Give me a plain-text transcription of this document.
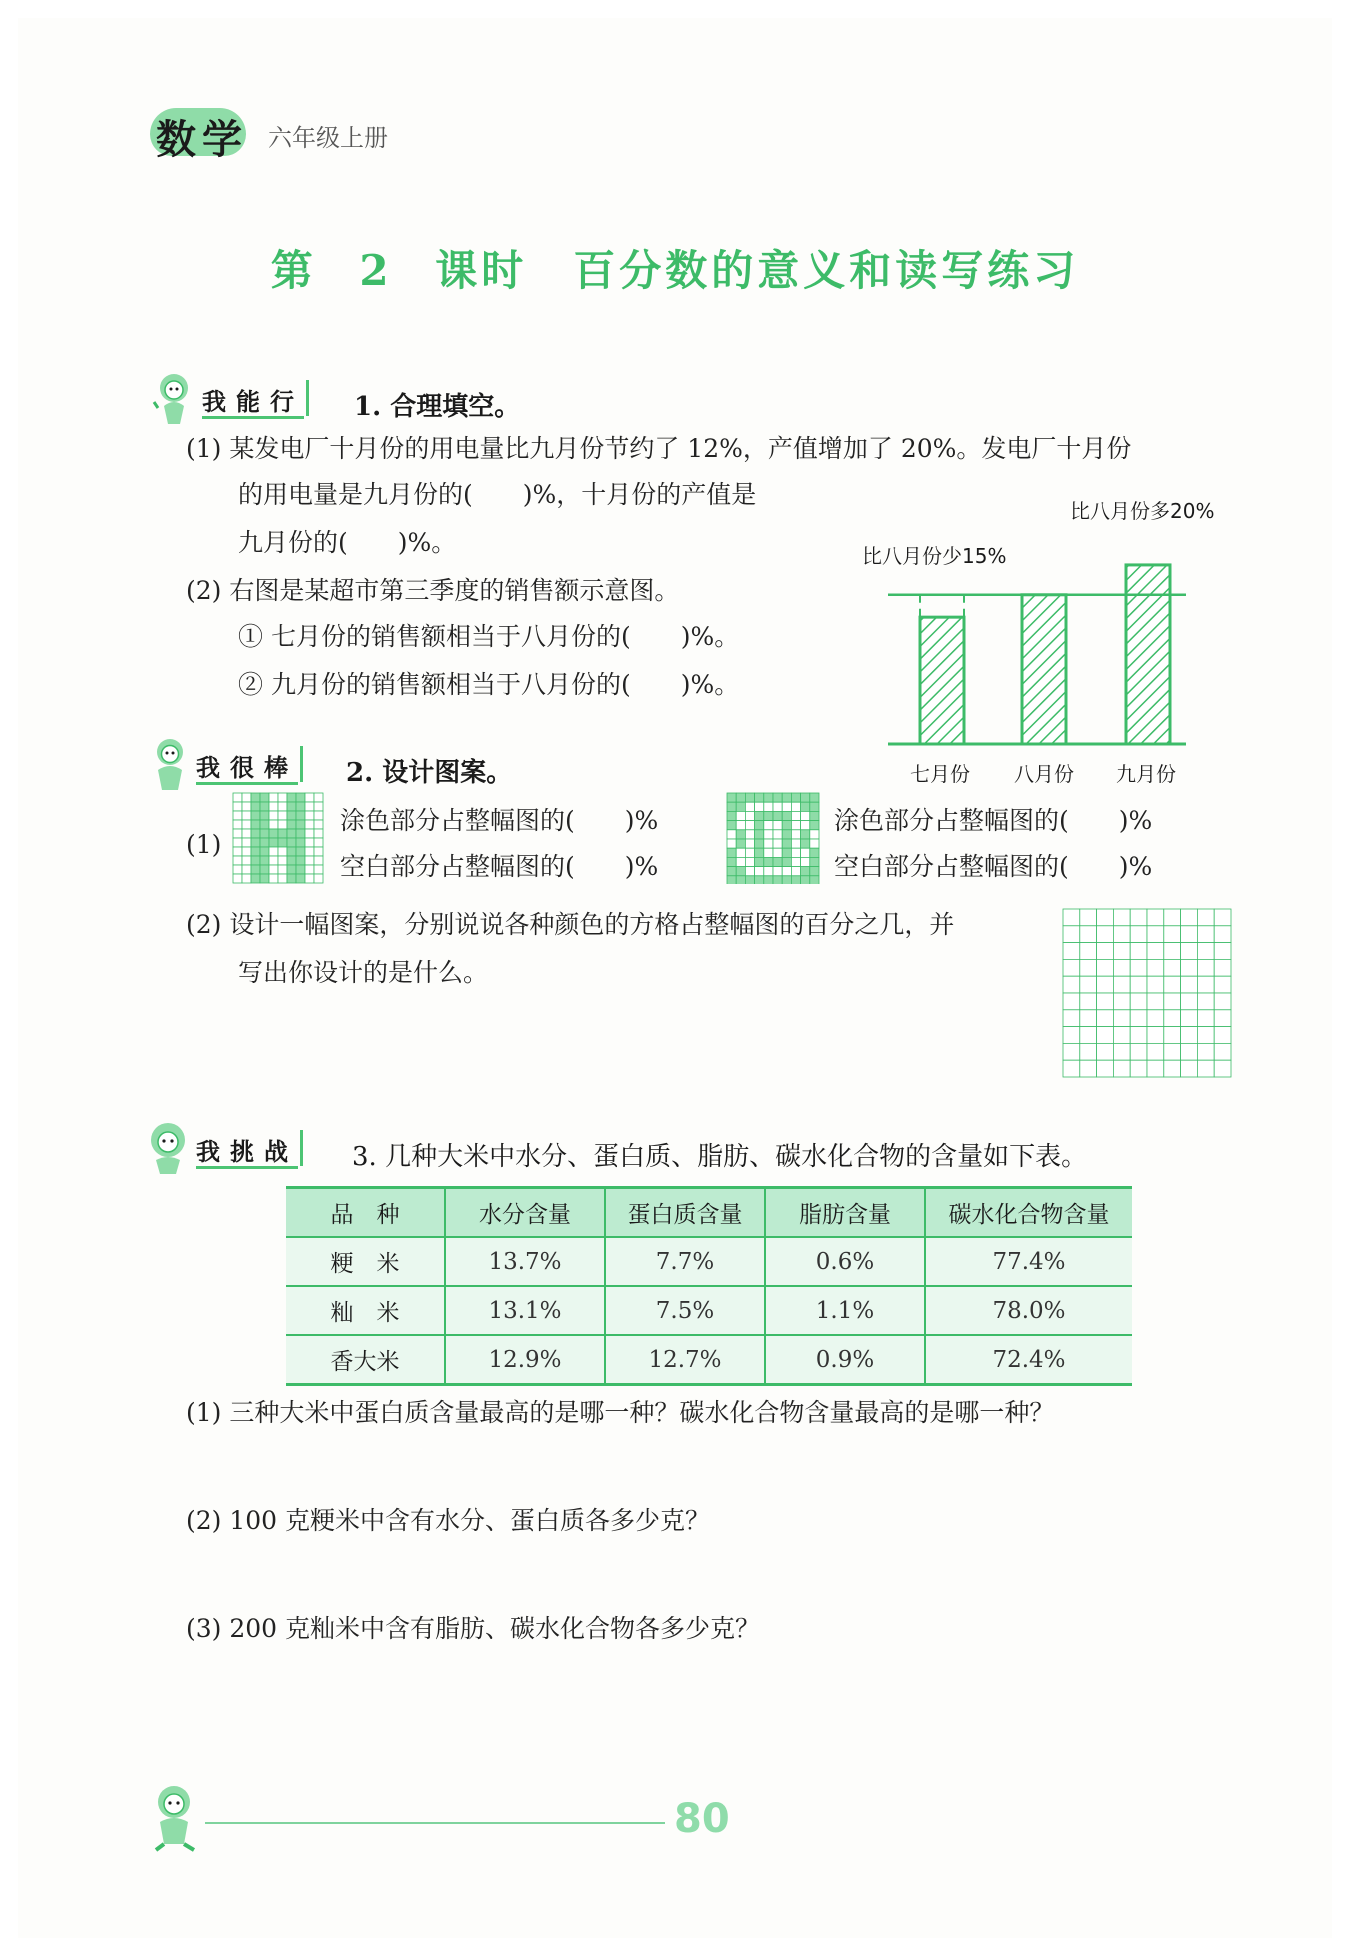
数学 六年级上册
第 2 课时　百分数的意义和读写练习
我能行 1. 合理填空。
(1) 某发电厂十月份的用电量比九月份节约了 12%，产值增加了 20%。发电厂十月份
的用电量是九月份的(　　)%，十月份的产值是
九月份的(　　)%。
(2) 右图是某超市第三季度的销售额示意图。
① 七月份的销售额相当于八月份的(　　)%。
② 九月份的销售额相当于八月份的(　　)%。
比八月份少15%
比八月份多20%
七月份 八月份 九月份
我很棒 2. 设计图案。
(1)
涂色部分占整幅图的(　　)%
空白部分占整幅图的(　　)%
涂色部分占整幅图的(　　)%
空白部分占整幅图的(　　)%
(2) 设计一幅图案，分别说说各种颜色的方格占整幅图的百分之几，并
写出你设计的是什么。
我挑战 3. 几种大米中水分、蛋白质、脂肪、碳水化合物的含量如下表。
品　种	水分含量	蛋白质含量	脂肪含量	碳水化合物含量
粳　米	13.7%	7.7%	0.6%	77.4%
籼　米	13.1%	7.5%	1.1%	78.0%
香大米	12.9%	12.7%	0.9%	72.4%
(1) 三种大米中蛋白质含量最高的是哪一种？碳水化合物含量最高的是哪一种？
(2) 100 克粳米中含有水分、蛋白质各多少克？
(3) 200 克籼米中含有脂肪、碳水化合物各多少克？
80
